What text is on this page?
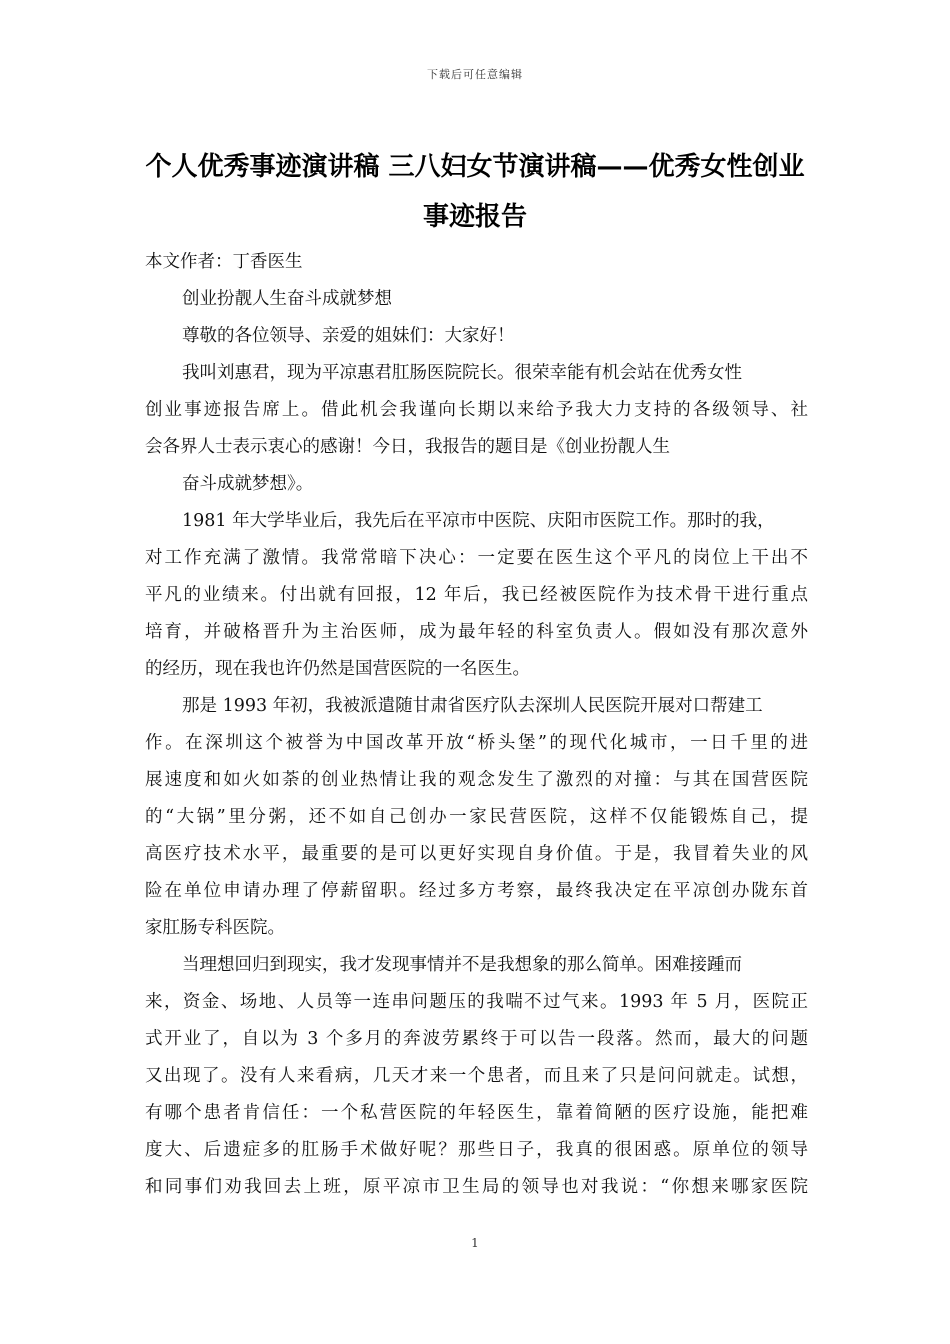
下载后可任意编辑
个人优秀事迹演讲稿 三八妇女节演讲稿——优秀女性创业
事迹报告
本文作者：丁香医生
创业扮靓人生奋斗成就梦想
尊敬的各位领导、亲爱的姐妹们：大家好！
我叫刘惠君，现为平凉惠君肛肠医院院长。很荣幸能有机会站在优秀女性
创业事迹报告席上。借此机会我谨向长期以来给予我大力支持的各级领导、社
会各界人士表示衷心的感谢！今日，我报告的题目是《创业扮靓人生
奋斗成就梦想》。
1981 年大学毕业后，我先后在平凉市中医院、庆阳市医院工作。那时的我，
对工作充满了激情。我常常暗下决心：一定要在医生这个平凡的岗位上干出不
平凡的业绩来。付出就有回报，12 年后，我已经被医院作为技术骨干进行重点
培育，并破格晋升为主治医师，成为最年轻的科室负责人。假如没有那次意外
的经历，现在我也许仍然是国营医院的一名医生。
那是 1993 年初，我被派遣随甘肃省医疗队去深圳人民医院开展对口帮建工
作。在深圳这个被誉为中国改革开放“桥头堡”的现代化城市，一日千里的进
展速度和如火如荼的创业热情让我的观念发生了激烈的对撞：与其在国营医院
的“大锅”里分粥，还不如自己创办一家民营医院，这样不仅能锻炼自己，提
高医疗技术水平，最重要的是可以更好实现自身价值。于是，我冒着失业的风
险在单位申请办理了停薪留职。经过多方考察，最终我决定在平凉创办陇东首
家肛肠专科医院。
当理想回归到现实，我才发现事情并不是我想象的那么简单。困难接踵而
来，资金、场地、人员等一连串问题压的我喘不过气来。1993 年 5 月，医院正
式开业了，自以为 3 个多月的奔波劳累终于可以告一段落。然而，最大的问题
又出现了。没有人来看病，几天才来一个患者，而且来了只是问问就走。试想，
有哪个患者肯信任：一个私营医院的年轻医生，靠着简陋的医疗设施，能把难
度大、后遗症多的肛肠手术做好呢？那些日子，我真的很困惑。原单位的领导
和同事们劝我回去上班，原平凉市卫生局的领导也对我说：“你想来哪家医院
1
